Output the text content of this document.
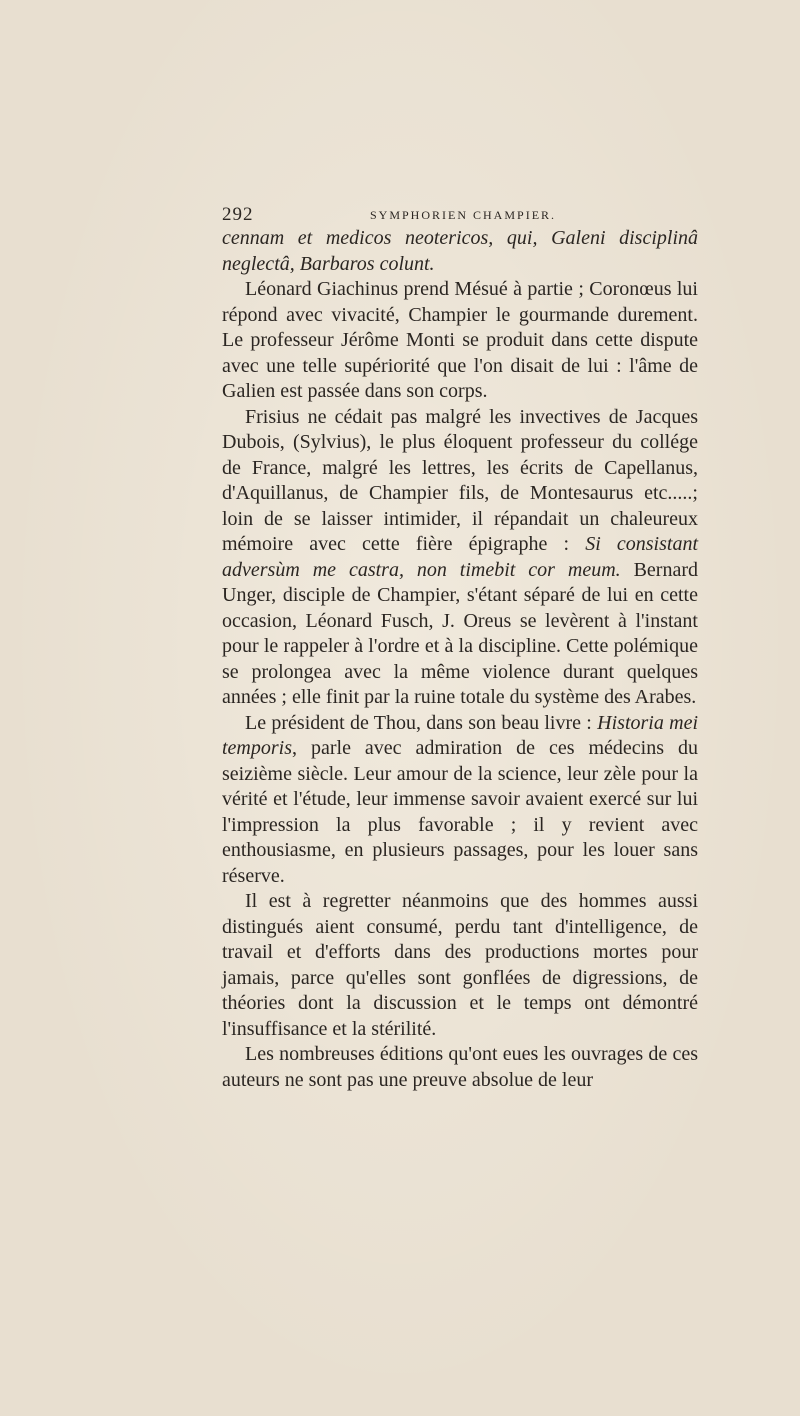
292	SYMPHORIEN CHAMPIER.

cennam et medicos neotericos, qui, Galeni disciplinâ neglectâ, Barbaros colunt.

Léonard Giachinus prend Mésué à partie ; Coronœus lui répond avec vivacité, Champier le gourmande durement. Le professeur Jérôme Monti se produit dans cette dispute avec une telle supériorité que l'on disait de lui : l'âme de Galien est passée dans son corps.

Frisius ne cédait pas malgré les invectives de Jacques Dubois, (Sylvius), le plus éloquent professeur du collége de France, malgré les lettres, les écrits de Capellanus, d'Aquillanus, de Champier fils, de Montesaurus etc.....; loin de se laisser intimider, il répandait un chaleureux mémoire avec cette fière épigraphe : Si consistant adversùm me castra, non timebit cor meum. Bernard Unger, disciple de Champier, s'étant séparé de lui en cette occasion, Léonard Fusch, J. Oreus se levèrent à l'instant pour le rappeler à l'ordre et à la discipline. Cette polémique se prolongea avec la même violence durant quelques années ; elle finit par la ruine totale du système des Arabes.

Le président de Thou, dans son beau livre : Historia mei temporis, parle avec admiration de ces médecins du seizième siècle. Leur amour de la science, leur zèle pour la vérité et l'étude, leur immense savoir avaient exercé sur lui l'impression la plus favorable ; il y revient avec enthousiasme, en plusieurs passages, pour les louer sans réserve.

Il est à regretter néanmoins que des hommes aussi distingués aient consumé, perdu tant d'intelligence, de travail et d'efforts dans des productions mortes pour jamais, parce qu'elles sont gonflées de digressions, de théories dont la discussion et le temps ont démontré l'insuffisance et la stérilité.

Les nombreuses éditions qu'ont eues les ouvrages de ces auteurs ne sont pas une preuve absolue de leur
